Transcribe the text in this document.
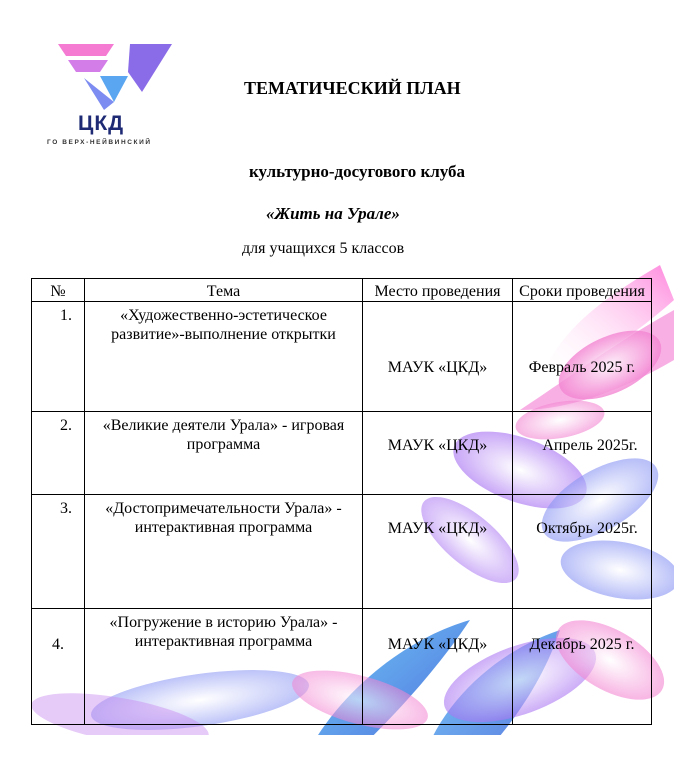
ЦКД
ГО ВЕРХ-НЕЙВИНСКИЙ
ТЕМАТИЧЕСКИЙ ПЛАН
культурно-досугового клуба
«Жить на Урале»
для учащихся 5 классов
№	Тема	Место проведения	Сроки проведения
1.	«Художественно-эстетическое развитие»-выполнение открытки	МАУК «ЦКД»	Февраль 2025 г.
2.	«Великие деятели Урала» - игровая программа	МАУК «ЦКД»	Апрель 2025г.
3.	«Достопримечательности Урала» - интерактивная программа	МАУК «ЦКД»	Октябрь 2025г.
4.	«Погружение в историю Урала» - интерактивная программа	МАУК «ЦКД»	Декабрь 2025 г.
